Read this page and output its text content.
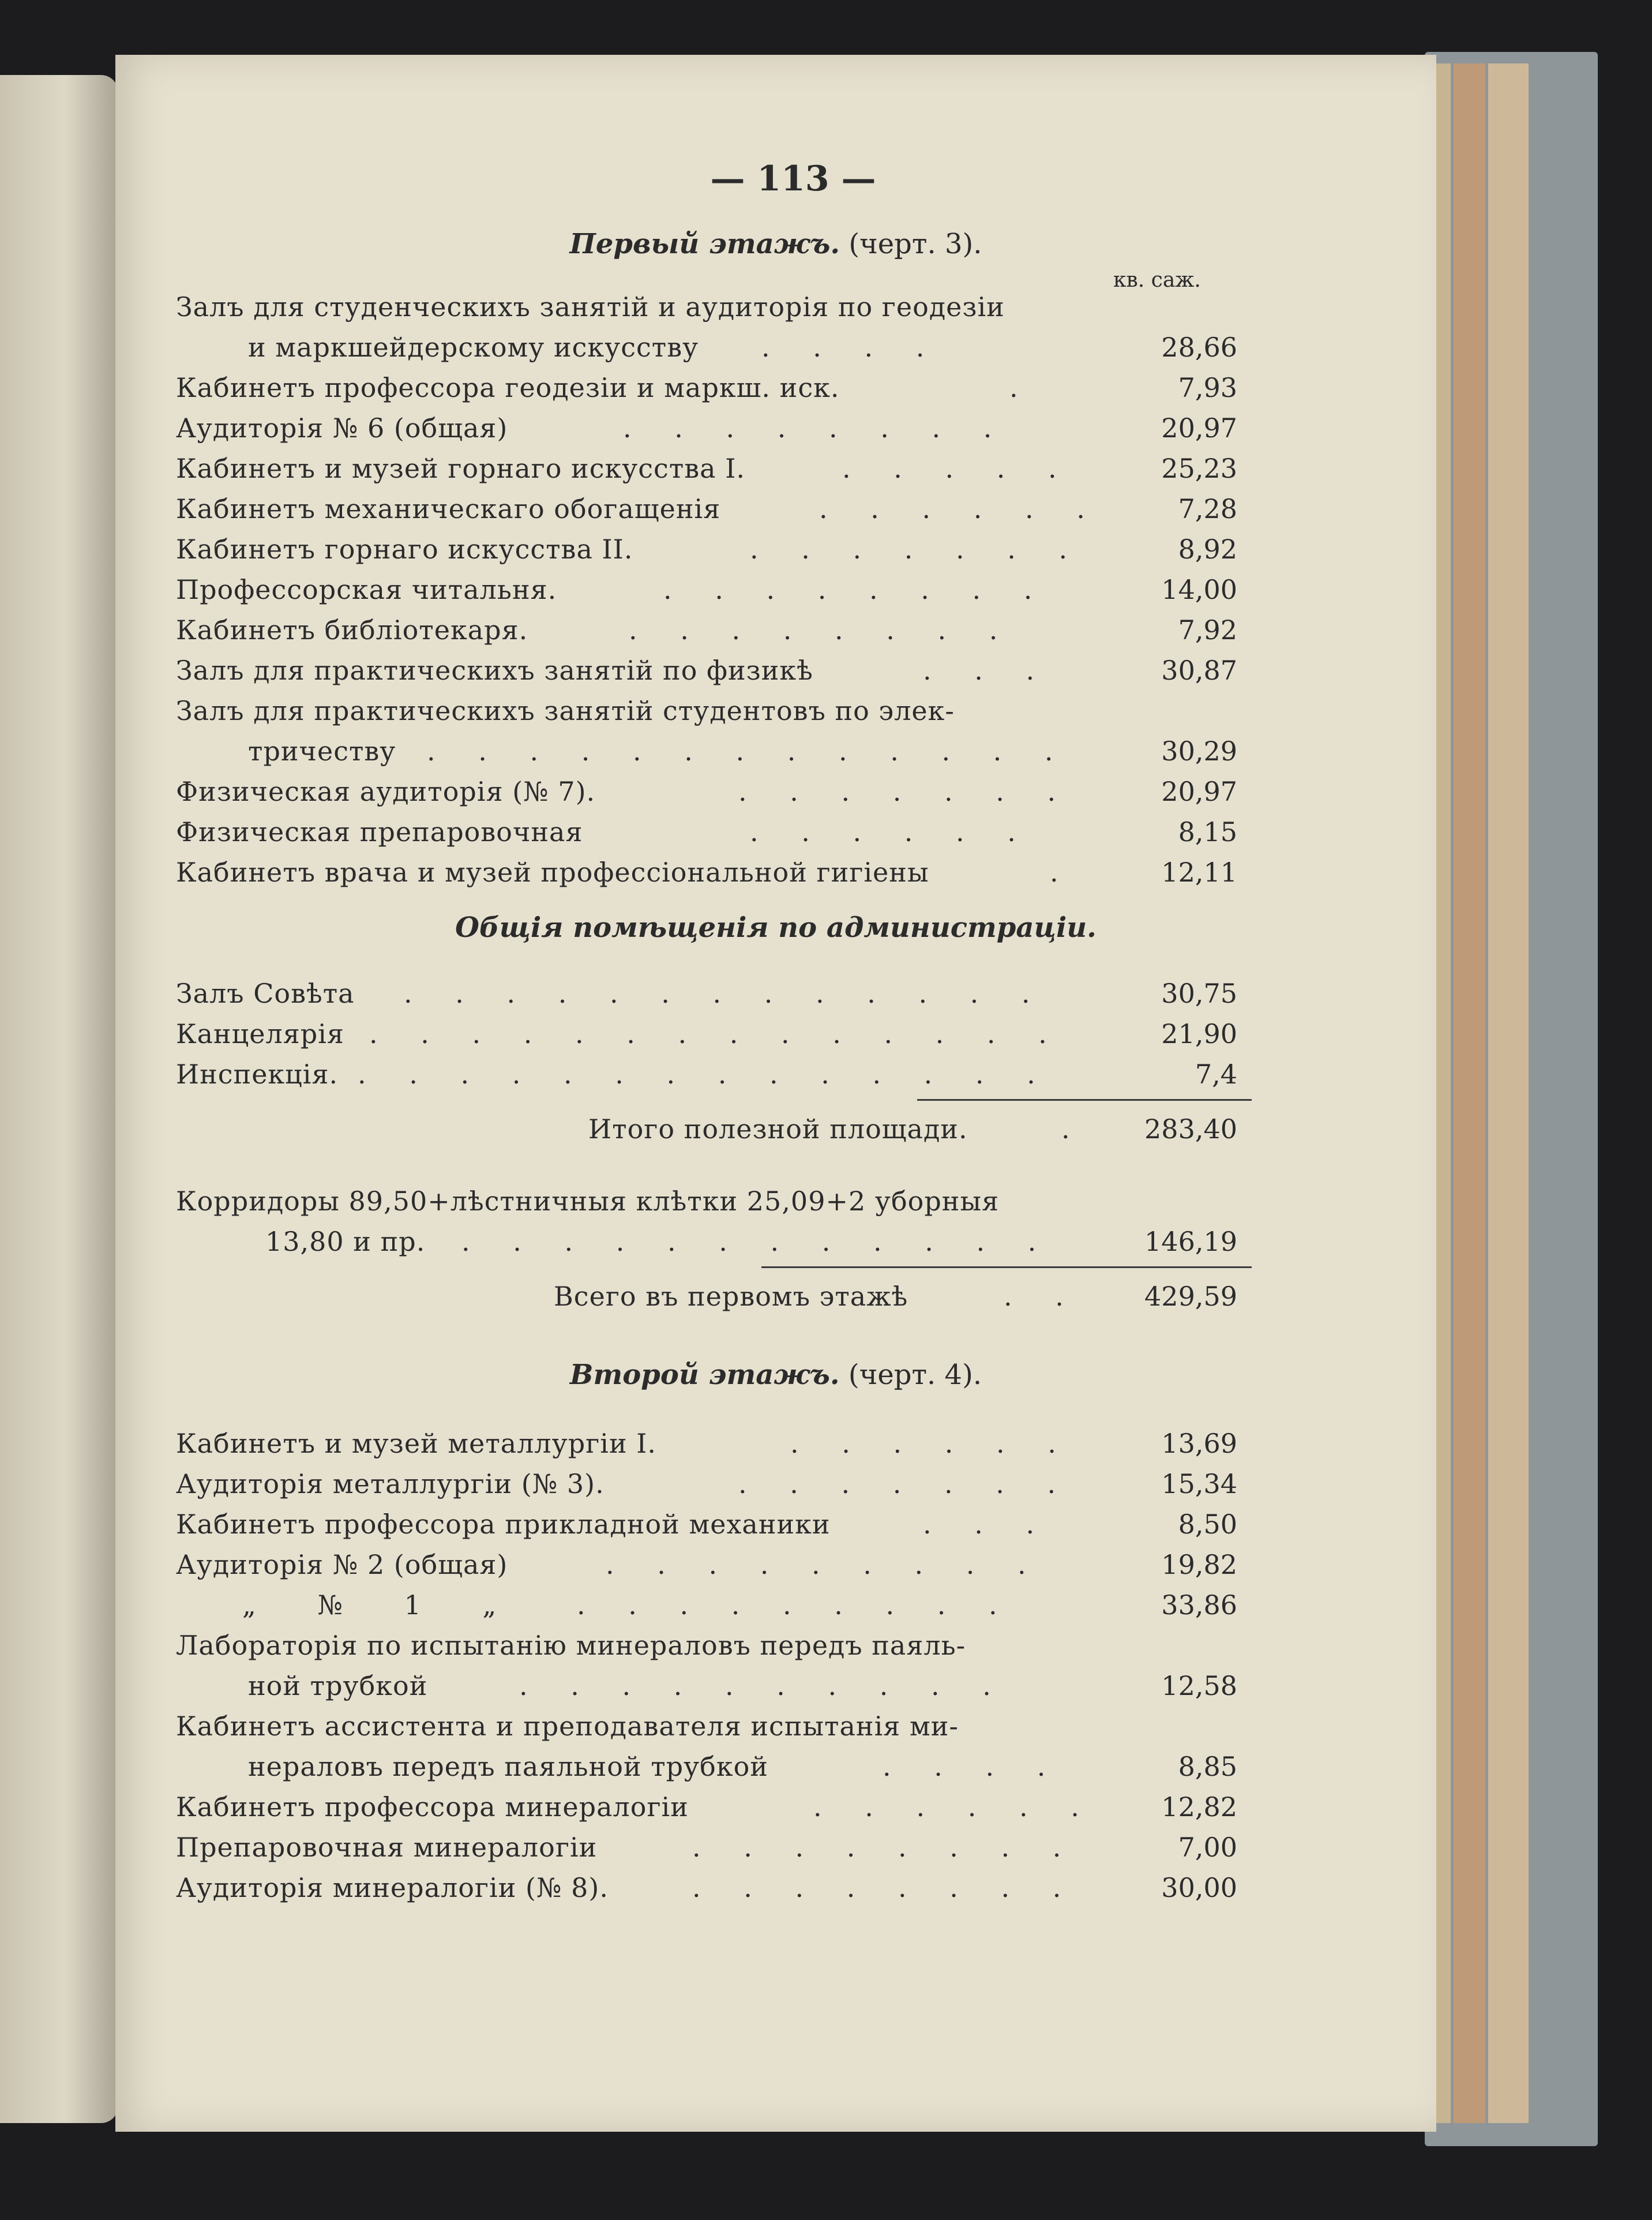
— 113 —
Первый этажъ. (черт. 3).
кв. саж.
Залъ для студенческихъ занятій и аудиторія по геодезіи
и маркшейдерскому искусству . . . .	28,66
Кабинетъ профессора геодезіи и маркш. иск.	.	7,93
Аудиторія № 6 (общая)	. . . . . . . .	20,97
Кабинетъ и музей горнаго искусства I.	. . . . .	25,23
Кабинетъ механическаго обогащенія	. . . . . .	7,28
Кабинетъ горнаго искусства II.	. . . . . . .	8,92
Профессорская читальня.	. . . . . . . .	14,00
Кабинетъ библіотекаря.	. . . . . . . .	7,92
Залъ для практическихъ занятій по физикѣ	. . .	30,87
Залъ для практическихъ занятій студентовъ по элек-
тричеству . . . . . . . . . . . . .	30,29
Физическая аудиторія (№ 7).	. . . . . . .	20,97
Физическая препаровочная	. . . . . .	8,15
Кабинетъ врача и музей профессіональной гигіены	.	12,11
Общія помѣщенія по администраціи.
Залъ Совѣта . . . . . . . . . . . . .	30,75
Канцелярія . . . . . . . . . . . . . .	21,90
Инспекція. . . . . . . . . . . . . . .	7,4
Итого полезной площади.	. 283,40
Корридоры 89,50+лѣстничныя клѣтки 25,09+2 уборныя
13,80 и пр. . . . . . . . . . . . .	146,19
Всего въ первомъ этажѣ	. . 429,59
Второй этажъ. (черт. 4).
Кабинетъ и музей металлургіи I.	. . . . . .	13,69
Аудиторія металлургіи (№ 3).	. . . . . . .	15,34
Кабинетъ профессора прикладной механики	. . .	8,50
Аудиторія № 2 (общая)	. . . . . . . . .	19,82
„ № 1 „	. . . . . . . . .	33,86
Лабораторія по испытанію минераловъ передъ паяль-
ной трубкой	. . . . . . . . . .	12,58
Кабинетъ ассистента и преподавателя испытанія ми-
нераловъ передъ паяльной трубкой	. . . .	8,85
Кабинетъ профессора минералогіи	. . . . . . 12,82
Препаровочная минералогіи	. . . . . . . .	7,00
Аудиторія минералогіи (№ 8).	. . . . . . . .	30,00
